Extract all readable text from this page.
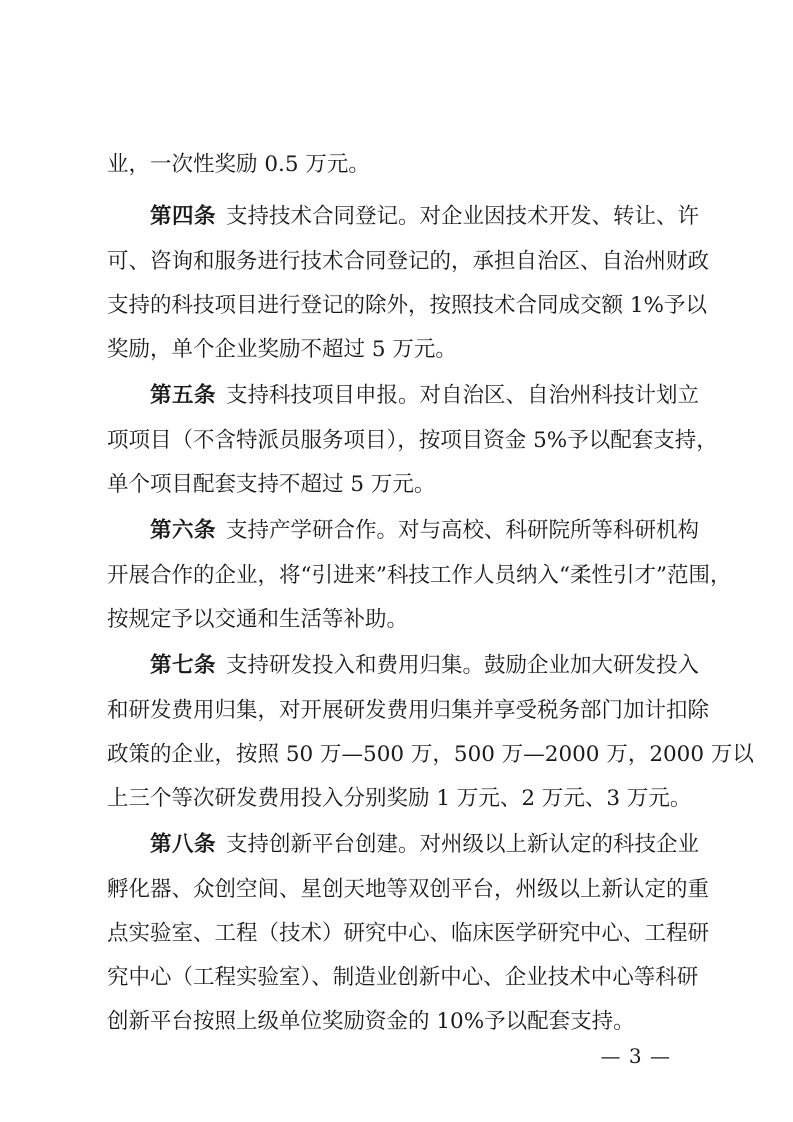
业，一次性奖励 0.5 万元。
第四条 支持技术合同登记。对企业因技术开发、转让、许
可、咨询和服务进行技术合同登记的，承担自治区、自治州财政
支持的科技项目进行登记的除外，按照技术合同成交额 1%予以
奖励，单个企业奖励不超过 5 万元。
第五条 支持科技项目申报。对自治区、自治州科技计划立
项项目（不含特派员服务项目），按项目资金 5%予以配套支持，
单个项目配套支持不超过 5 万元。
第六条 支持产学研合作。对与高校、科研院所等科研机构
开展合作的企业，将“引进来”科技工作人员纳入“柔性引才”范围，
按规定予以交通和生活等补助。
第七条 支持研发投入和费用归集。鼓励企业加大研发投入
和研发费用归集，对开展研发费用归集并享受税务部门加计扣除
政策的企业，按照 50 万—500 万，500 万—2000 万，2000 万以
上三个等次研发费用投入分别奖励 1 万元、2 万元、3 万元。
第八条 支持创新平台创建。对州级以上新认定的科技企业
孵化器、众创空间、星创天地等双创平台，州级以上新认定的重
点实验室、工程（技术）研究中心、临床医学研究中心、工程研
究中心（工程实验室）、制造业创新中心、企业技术中心等科研
创新平台按照上级单位奖励资金的 10%予以配套支持。
— 3 —
